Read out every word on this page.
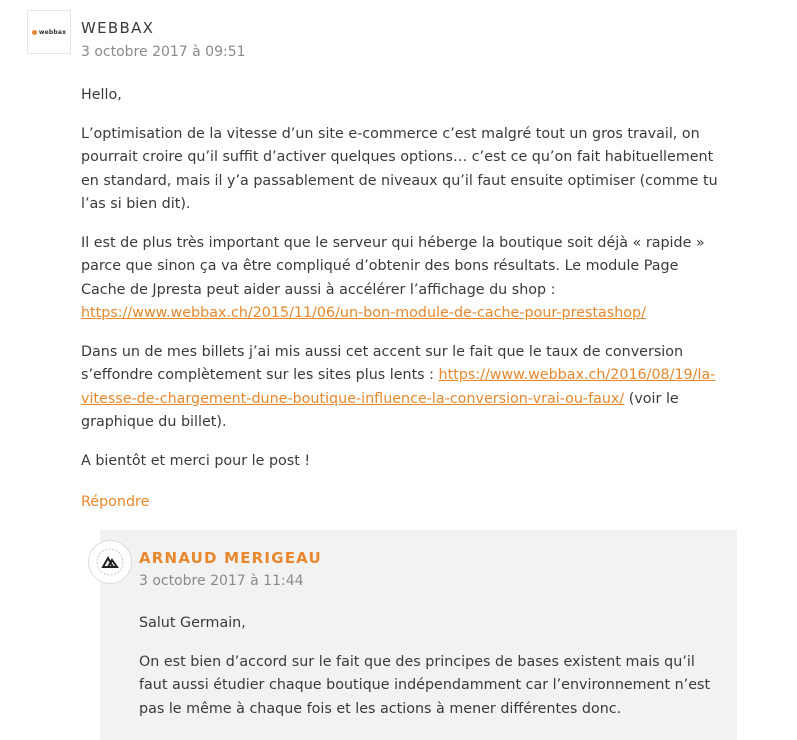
webbax WEBBAX
3 octobre 2017 à 09:51

Hello,

L’optimisation de la vitesse d’un site e-commerce c’est malgré tout un gros travail, on pourrait croire qu’il suffit d’activer quelques options… c’est ce qu’on fait habituellement en standard, mais il y’a passablement de niveaux qu’il faut ensuite optimiser (comme tu l’as si bien dit).

Il est de plus très important que le serveur qui héberge la boutique soit déjà « rapide » parce que sinon ça va être compliqué d’obtenir des bons résultats. Le module Page Cache de Jpresta peut aider aussi à accélérer l’affichage du shop : https://www.webbax.ch/2015/11/06/un-bon-module-de-cache-pour-prestashop/

Dans un de mes billets j’ai mis aussi cet accent sur le fait que le taux de conversion s’effondre complètement sur les sites plus lents : https://www.webbax.ch/2016/08/19/la-vitesse-de-chargement-dune-boutique-influence-la-conversion-vrai-ou-faux/ (voir le graphique du billet).

A bientôt et merci pour le post !

Répondre
ARNAUD MERIGEAU
3 octobre 2017 à 11:44

Salut Germain,

On est bien d’accord sur le fait que des principes de bases existent mais qu’il faut aussi étudier chaque boutique indépendamment car l’environnement n’est pas le même à chaque fois et les actions à mener différentes donc.
